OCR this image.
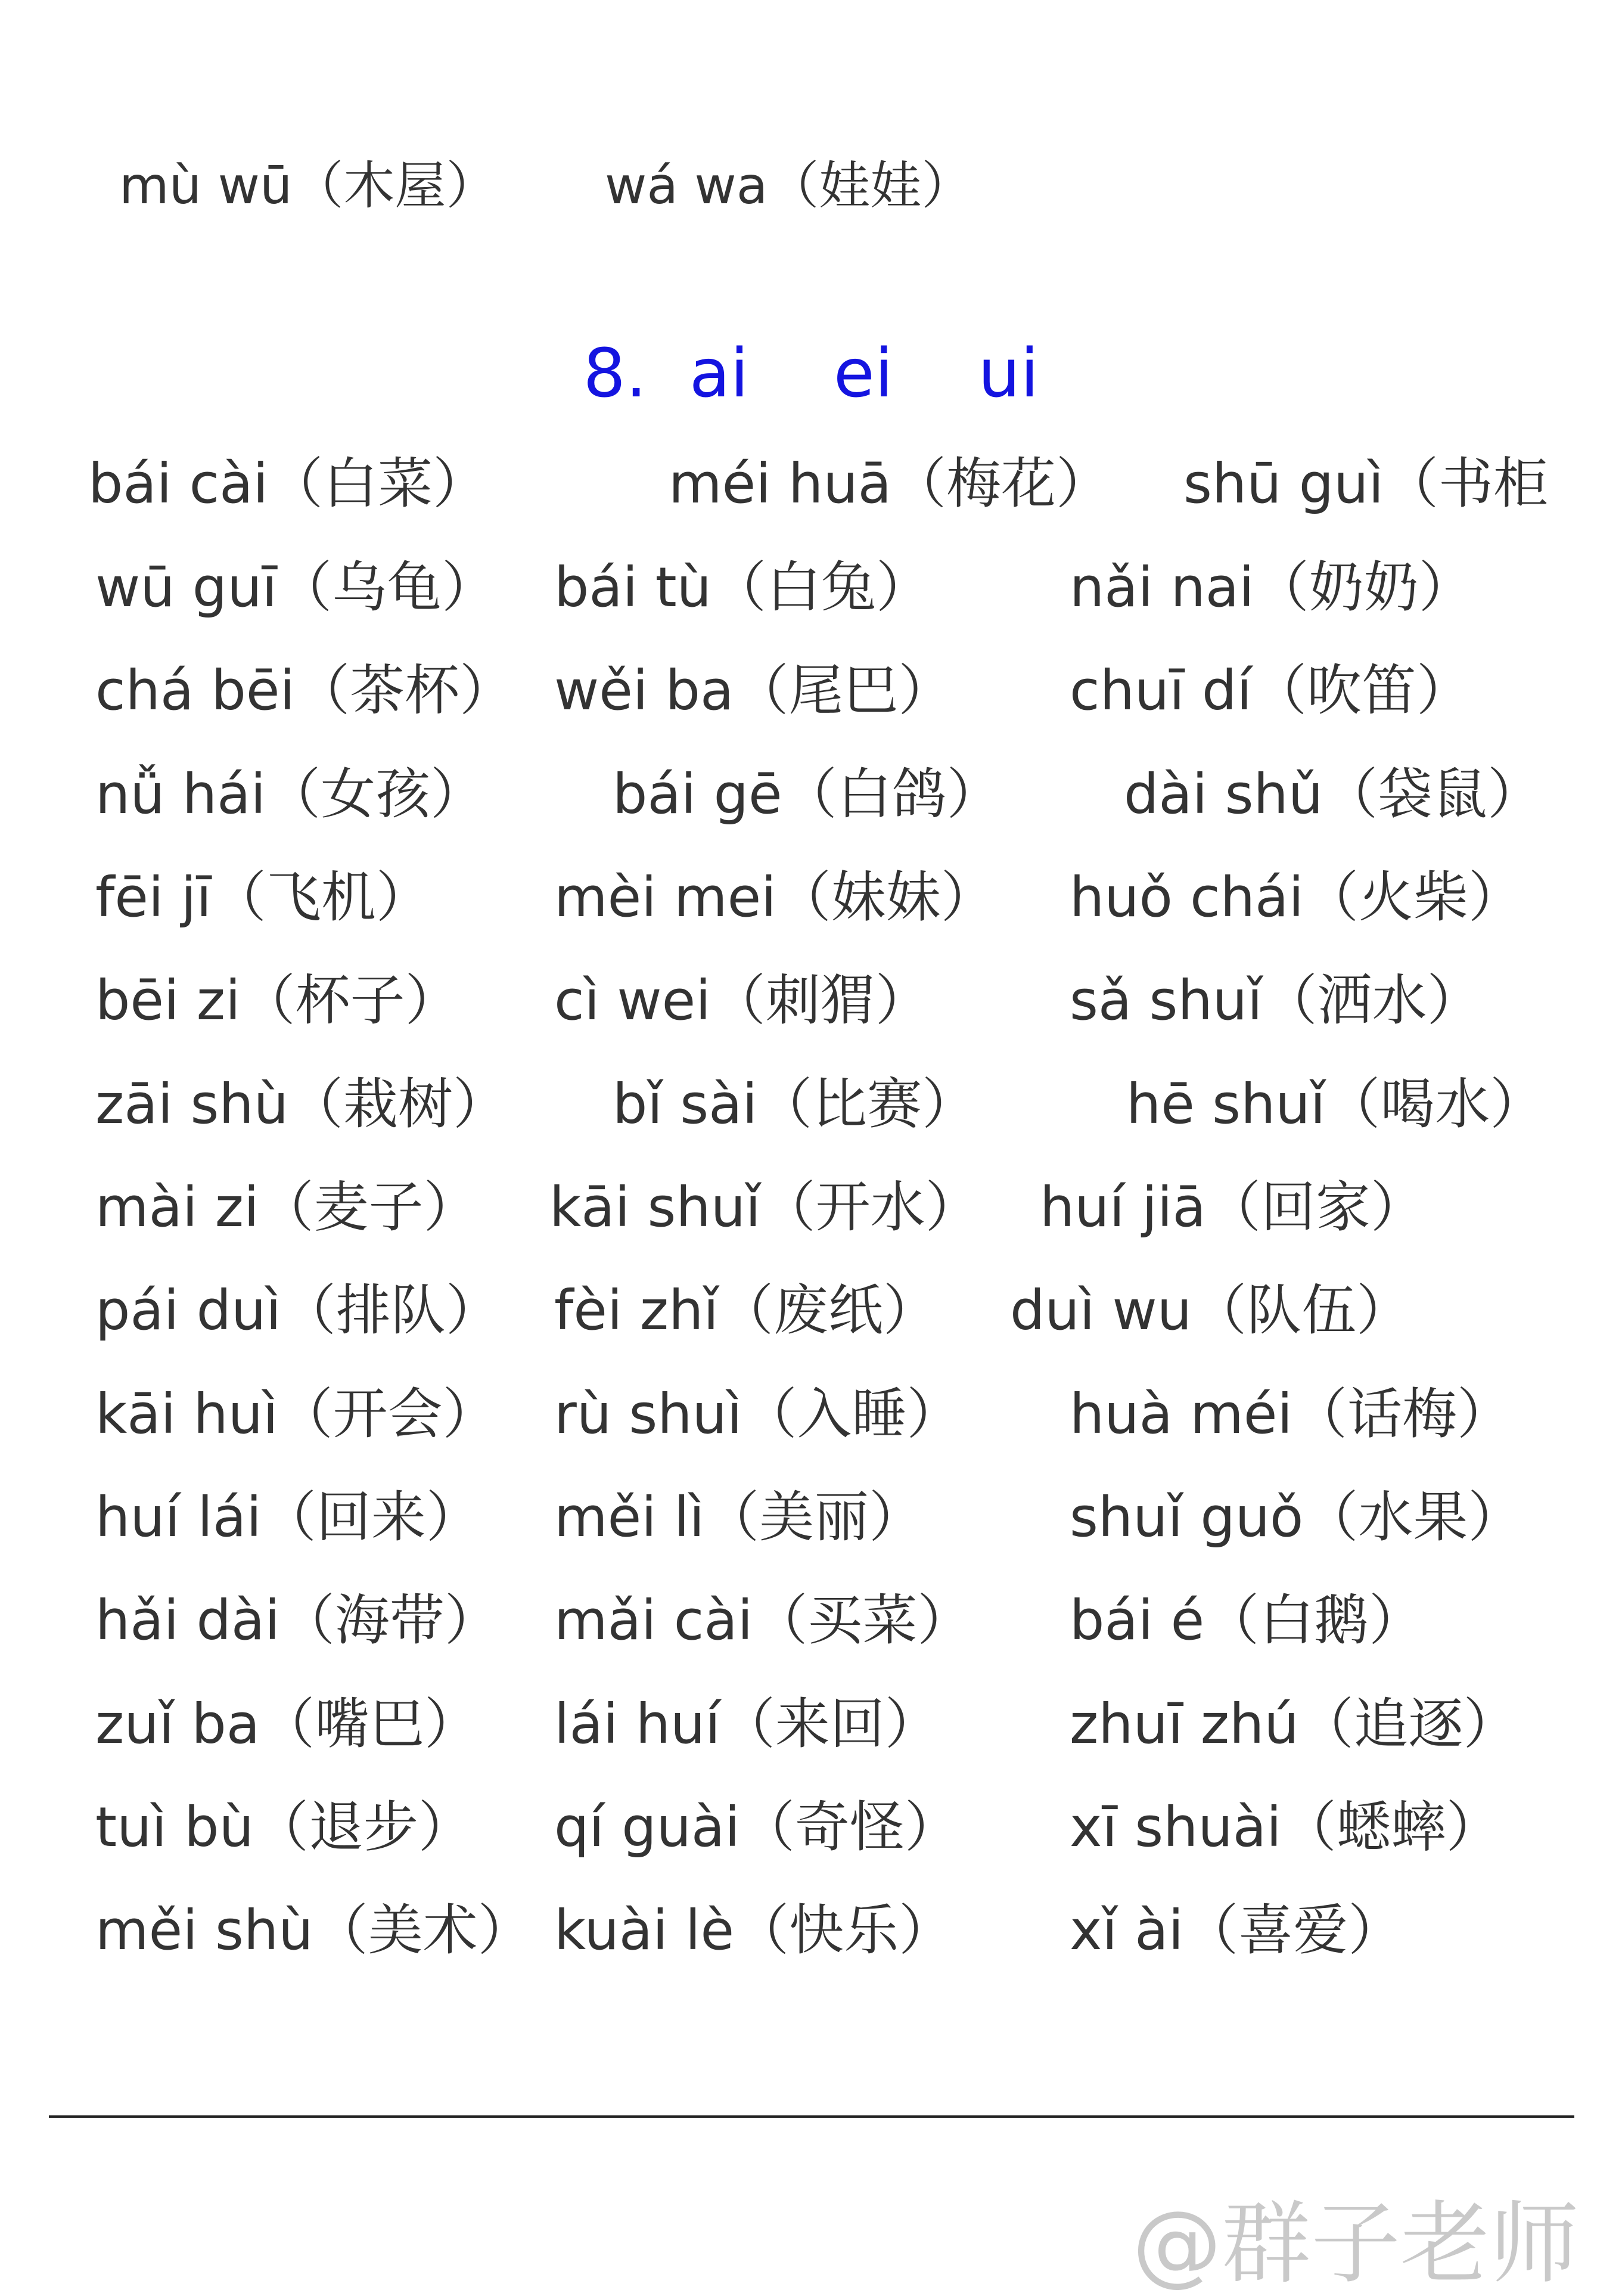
mù wū（木屋） wá wa（娃娃）
8.  ai    ei    ui
bái cài（白菜）	méi huā（梅花） shū guì（书柜
wū guī（乌龟） bái tù（白兔）	nǎi nai（奶奶）
chá bēi（茶杯） wěi ba（尾巴） chuī dí（吹笛）
nǚ hái（女孩） bái gē（白鸽） dài shǔ（袋鼠）
fēi jī（飞机） mèi mei（妹妹） huǒ chái（火柴）
bēi zi（杯子） cì wei（刺猬）	sǎ shuǐ（洒水）
zāi shù（栽树） bǐ sài（比赛）	hē shuǐ（喝水）
mài zi（麦子） kāi shuǐ（开水） huí jiā（回家）
pái duì（排队） fèi zhǐ（废纸） duì wu（队伍）
kāi huì（开会） rù shuì（入睡） huà méi（话梅）
huí lái（回来） měi lì（美丽）	shuǐ guǒ（水果）
hǎi dài（海带） mǎi cài（买菜） bái é（白鹅）
zuǐ ba（嘴巴） lái huí（来回） zhuī zhú（追逐）
tuì bù（退步） qí guài（奇怪） xī shuài（蟋蟀）
měi shù（美术） kuài lè（快乐） xǐ ài（喜爱）
@群子老师
